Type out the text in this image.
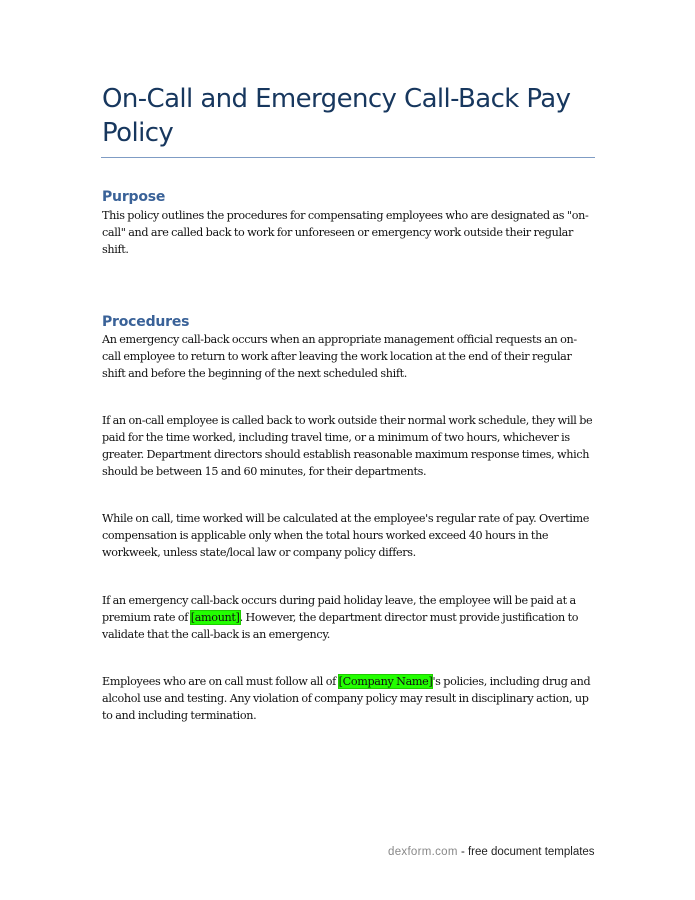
On-Call and Emergency Call-Back Pay Policy
Purpose

This policy outlines the procedures for compensating employees who are designated as "on-call" and are called back to work for unforeseen or emergency work outside their regular shift.

Procedures

An emergency call-back occurs when an appropriate management official requests an on-call employee to return to work after leaving the work location at the end of their regular shift and before the beginning of the next scheduled shift.

If an on-call employee is called back to work outside their normal work schedule, they will be paid for the time worked, including travel time, or a minimum of two hours, whichever is greater. Department directors should establish reasonable maximum response times, which should be between 15 and 60 minutes, for their departments.

While on call, time worked will be calculated at the employee's regular rate of pay. Overtime compensation is applicable only when the total hours worked exceed 40 hours in the workweek, unless state/local law or company policy differs.

If an emergency call-back occurs during paid holiday leave, the employee will be paid at a premium rate of [amount]. However, the department director must provide justification to validate that the call-back is an emergency.

Employees who are on call must follow all of [Company Name]'s policies, including drug and alcohol use and testing. Any violation of company policy may result in disciplinary action, up to and including termination.

dexform.com - free document templates
